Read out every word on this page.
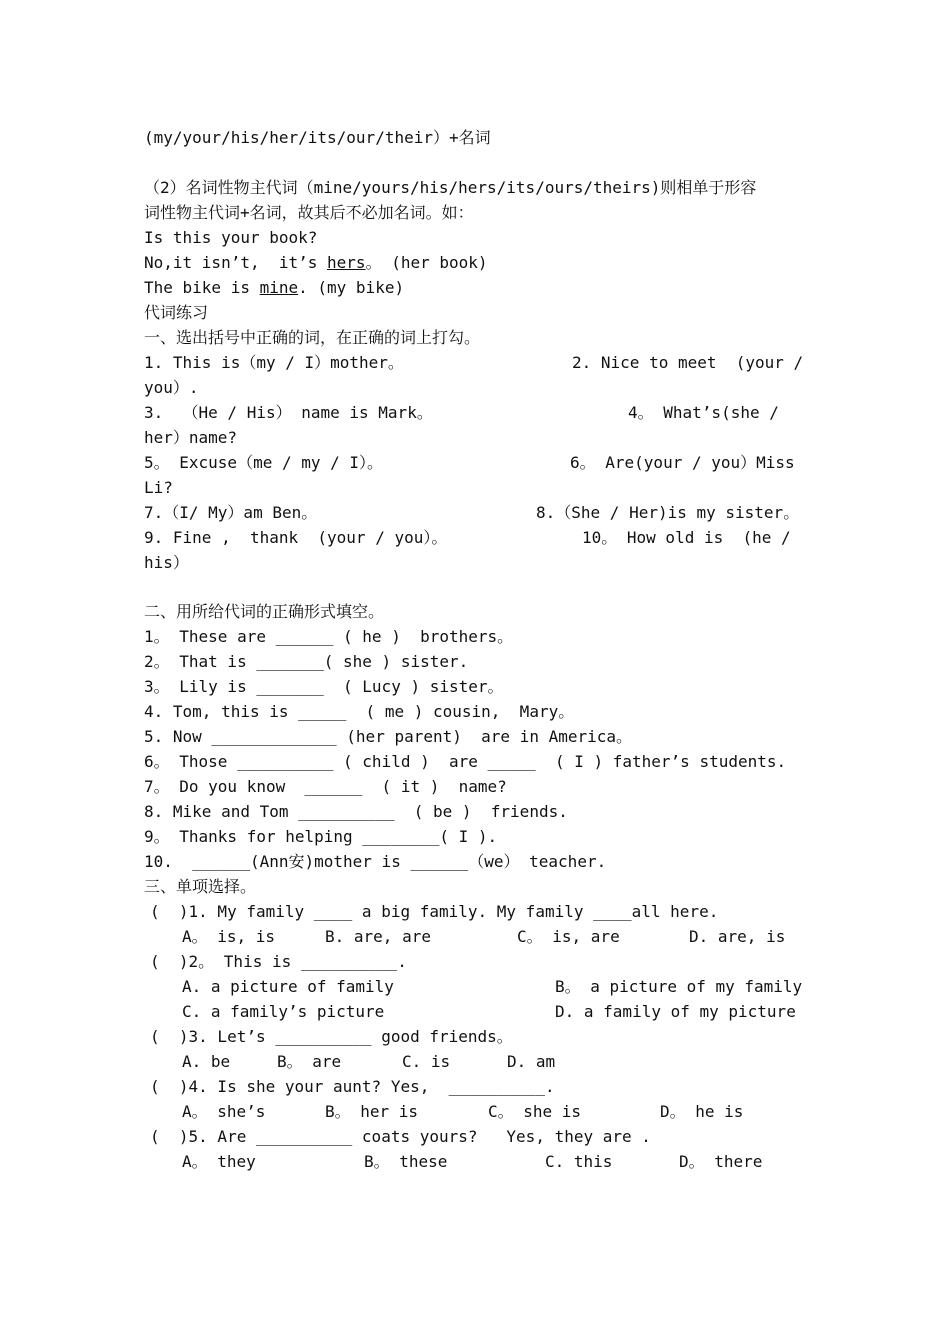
(my/your/his/her/its/our/their）+名词
（2）名词性物主代词（mine/yours/his/hers/its/ours/theirs)则相单于形容
词性物主代词+名词，故其后不必加名词。如：
Is this your book?
No,it isn’t,  it’s hers。 (her book)
The bike is mine. (my bike)
代词练习
一、选出括号中正确的词，在正确的词上打勾。

1. This is（my / I）mother。

	2. Nice to meet  (your /

you）.

3.  （He / His） name is Mark。

	4。 What’s(she /

her）name?

5。 Excuse（me / my / I）。

	6。 Are(your / you）Miss

Li?

7.（I/ My）am Ben。

	8.（She / Her)is my sister。

9. Fine ,  thank  (your / you）。

	10。 How old is  (he /

his）
二、用所给代词的正确形式填空。
1。 These are ______ ( he )  brothers。
2。 That is _______( she ) sister.
3。 Lily is _______  ( Lucy ) sister。
4. Tom, this is _____  ( me ) cousin,  Mary。
5. Now _____________ (her parent)  are in America。
6。 Those __________ ( child )  are _____  ( I ) father’s students.
7。 Do you know  ______  ( it )  name?
8. Mike and Tom __________  ( be )  friends.
9。 Thanks for helping ________( I ).
10.  ______(Ann安)mother is ______（we） teacher.
三、单项选择。
(  )1. My family ____ a big family. My family ____all here.

A。 is, is

	B. are, are

	C。 is, are

	D. are, is

(  )2。 This is __________.

A. a picture of family

	B。 a picture of my family

C. a family’s picture

	D. a family of my picture

(  )3. Let’s __________ good friends。

A. be

	B。 are

	C. is

	D. am

(  )4. Is she your aunt? Yes,  __________.

A。 she’s

	B。 her is

	C。 she is

	D。 he is

(  )5. Are __________ coats yours?   Yes, they are .

A。 they

	B。 these

	C. this

	D。 there
